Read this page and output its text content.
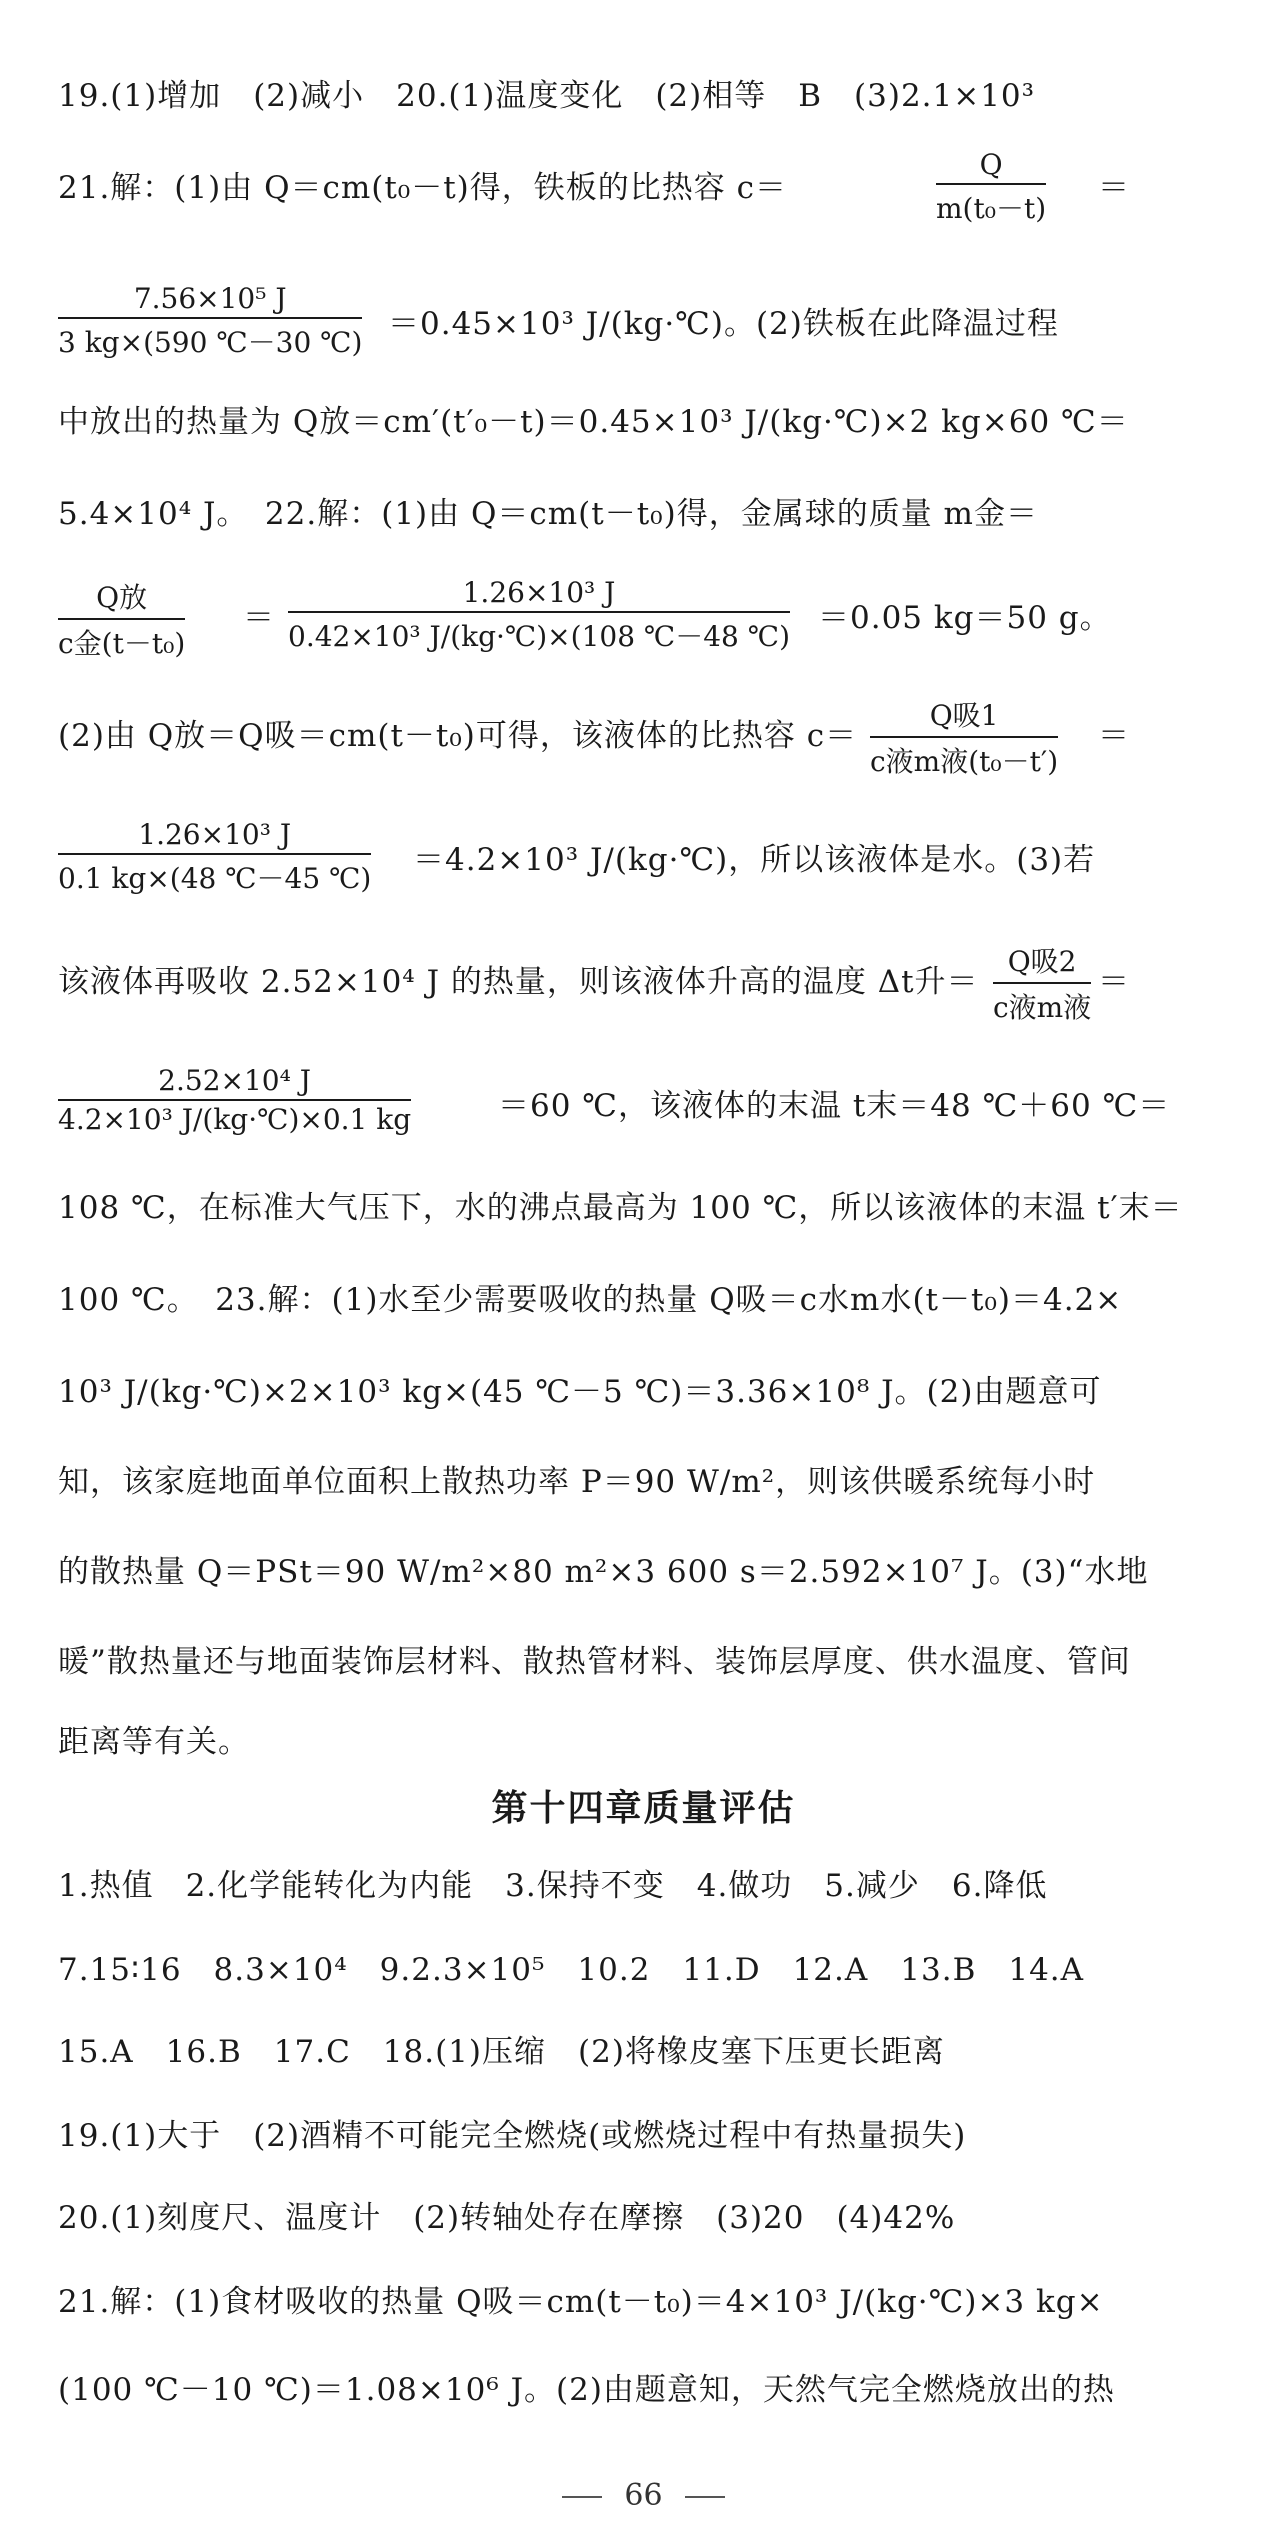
19.(1)增加　(2)减小　20.(1)温度变化　(2)相等　B　(3)2.1×10³
21.解：(1)由 Q＝cm(t₀－t)得，铁板的比热容 c＝	$\frac{Q}{\text{m(t₀－t)}}$ ＝
$\frac{\text{7.56×10⁵ J}}{3 kg\times(590 ℃-30 ℃)} =0.45\times 10^3$ J/(kg·℃)。(2)铁板在此降温过程
中放出的热量为 Q放＝cm′(t′₀－t)＝0.45×10³ J/(kg·℃)×2 kg×60 ℃＝
5.4×10⁴ J。　22.解：(1)由 Q＝cm(t－t₀)得，金属球的质量 m金＝
Q放
c金(t－t₀)
＝ $\frac{\text{1.26×10³ J}}{\text{0.42×10³ J/(kg·℃)×(108 ℃－48 ℃)}} =0.05$ kg＝50 g。
(2)由 Q放＝Q吸＝cm(t－t₀)可得，该液体的比热容 c＝
Q吸1
c液m液(t₀－t′)
＝
$\frac{\text{1.26×10³ J}}{0.1 kg\times(48 ℃-45 ℃)} =4.2\times 10^3$ J/(kg·℃)，所以该液体是水。(3)若
该液体再吸收 2.52×10⁴ J 的热量，则该液体升高的温度 Δt升＝
Q吸2
c液m液
＝
$\frac{\text{2.52×10⁴ J}}{\text{4.2×10³ J/(kg·℃)×0.1 kg}}$	＝60 ℃，该液体的末温 t末＝48 ℃＋60 ℃＝
108 ℃，在标准大气压下，水的沸点最高为 100 ℃，所以该液体的末温 t′末＝
100 ℃。　23.解：(1)水至少需要吸收的热量 Q吸＝c水m水(t－t₀)＝4.2×
10³ J/(kg·℃)×2×10³ kg×(45 ℃－5 ℃)＝3.36×10⁸ J。(2)由题意可
知，该家庭地面单位面积上散热功率 P＝90 W/m²，则该供暖系统每小时
的散热量 Q＝PSt＝90 W/m²×80 m²×3 600 s＝2.592×10⁷ J。(3)“水地
暖”散热量还与地面装饰层材料、散热管材料、装饰层厚度、供水温度、管间
距离等有关。
第十四章质量评估
1.热值　2.化学能转化为内能　3.保持不变　4.做功　5.减少　6.降低
7.15∶16　8.3×10⁴　9.2.3×10⁵　10.2　11.D　12.A　13.B　14.A
15.A　16.B　17.C　18.(1)压缩　(2)将橡皮塞下压更长距离
19.(1)大于　(2)酒精不可能完全燃烧(或燃烧过程中有热量损失)
20.(1)刻度尺、温度计　(2)转轴处存在摩擦　(3)20　(4)42%
21.解：(1)食材吸收的热量 Q吸＝cm(t－t₀)＝4×10³ J/(kg·℃)×3 kg×
(100 ℃－10 ℃)＝1.08×10⁶ J。(2)由题意知，天然气完全燃烧放出的热
66
